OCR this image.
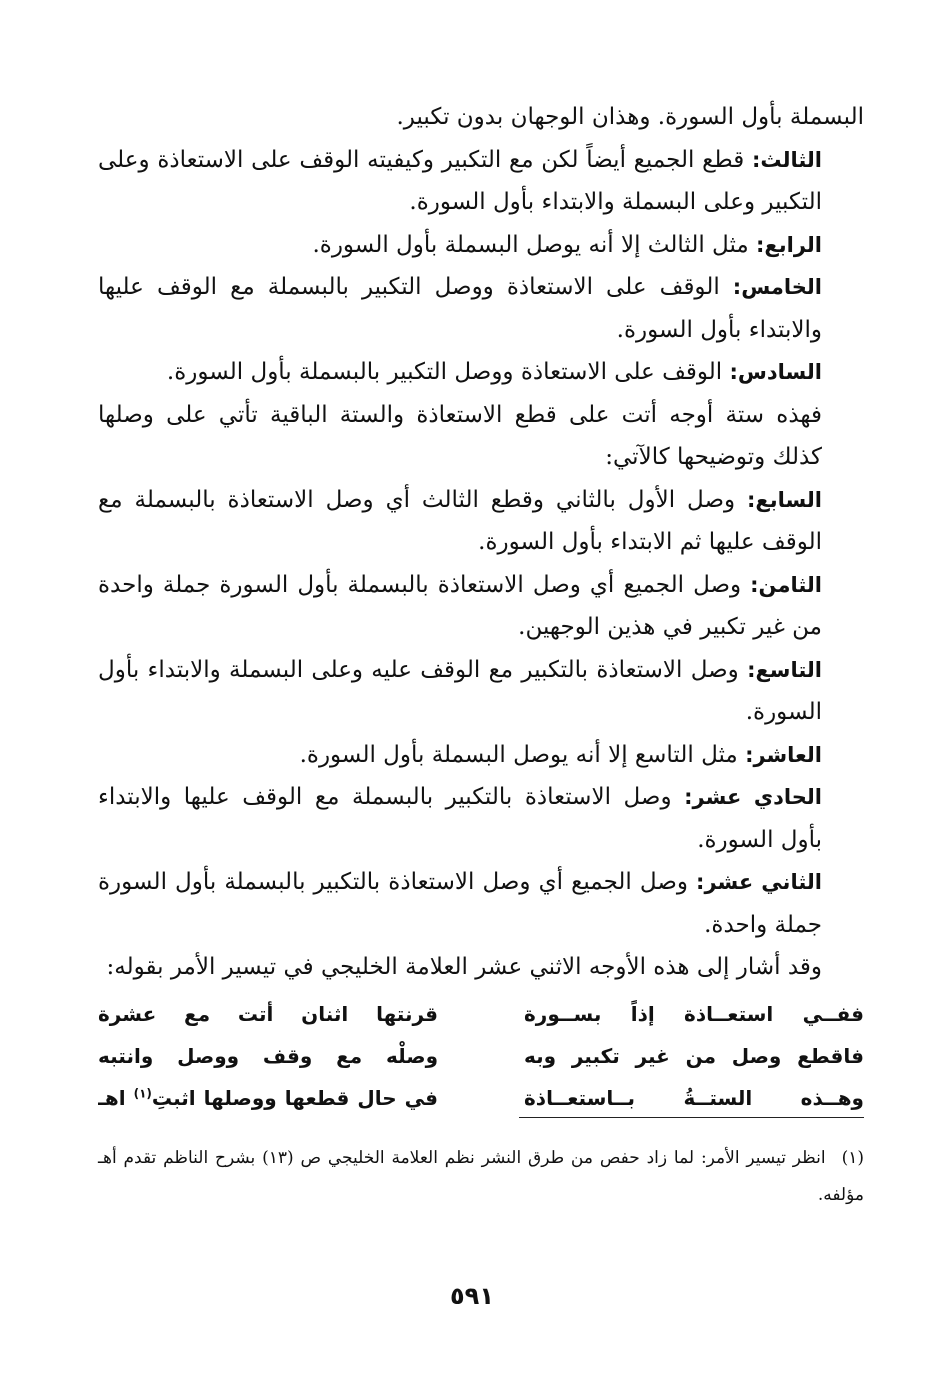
البسملة بأول السورة. وهذان الوجهان بدون تكبير.

الثالث: قطع الجميع أيضاً لكن مع التكبير وكيفيته الوقف على الاستعاذة وعلى التكبير وعلى البسملة والابتداء بأول السورة.

الرابع: مثل الثالث إلا أنه يوصل البسملة بأول السورة.

الخامس: الوقف على الاستعاذة ووصل التكبير بالبسملة مع الوقف عليها والابتداء بأول السورة.

السادس: الوقف على الاستعاذة ووصل التكبير بالبسملة بأول السورة.

فهذه ستة أوجه أتت على قطع الاستعاذة والستة الباقية تأتي على وصلها كذلك وتوضيحها كالآتي:

السابع: وصل الأول بالثاني وقطع الثالث أي وصل الاستعاذة بالبسملة مع الوقف عليها ثم الابتداء بأول السورة.

الثامن: وصل الجميع أي وصل الاستعاذة بالبسملة بأول السورة جملة واحدة من غير تكبير في هذين الوجهين.

التاسع: وصل الاستعاذة بالتكبير مع الوقف عليه وعلى البسملة والابتداء بأول السورة.

العاشر: مثل التاسع إلا أنه يوصل البسملة بأول السورة.

الحادي عشر: وصل الاستعاذة بالتكبير بالبسملة مع الوقف عليها والابتداء بأول السورة.

الثاني عشر: وصل الجميع أي وصل الاستعاذة بالتكبير بالبسملة بأول السورة جملة واحدة.

وقد أشار إلى هذه الأوجه الاثني عشر العلامة الخليجي في تيسير الأمر بقوله:

ففــي استعــاذة إذاً بســورة
قرنتها اثنان أتت مع عشرة
فاقطع وصل من غير تكبير وبه
وصلْه مع وقف ووصل وانتبه
وهــذه الستــةُ بــاستعــاذة
في حال قطعها ووصلها اثبتِ$^{(١)}$ اهـ
(١)انظر تيسير الأمر: لما زاد حفص من طرق النشر نظم العلامة الخليجي ص (١٣) بشرح الناظم تقدم أهـ مؤلفه.
٥٩١
